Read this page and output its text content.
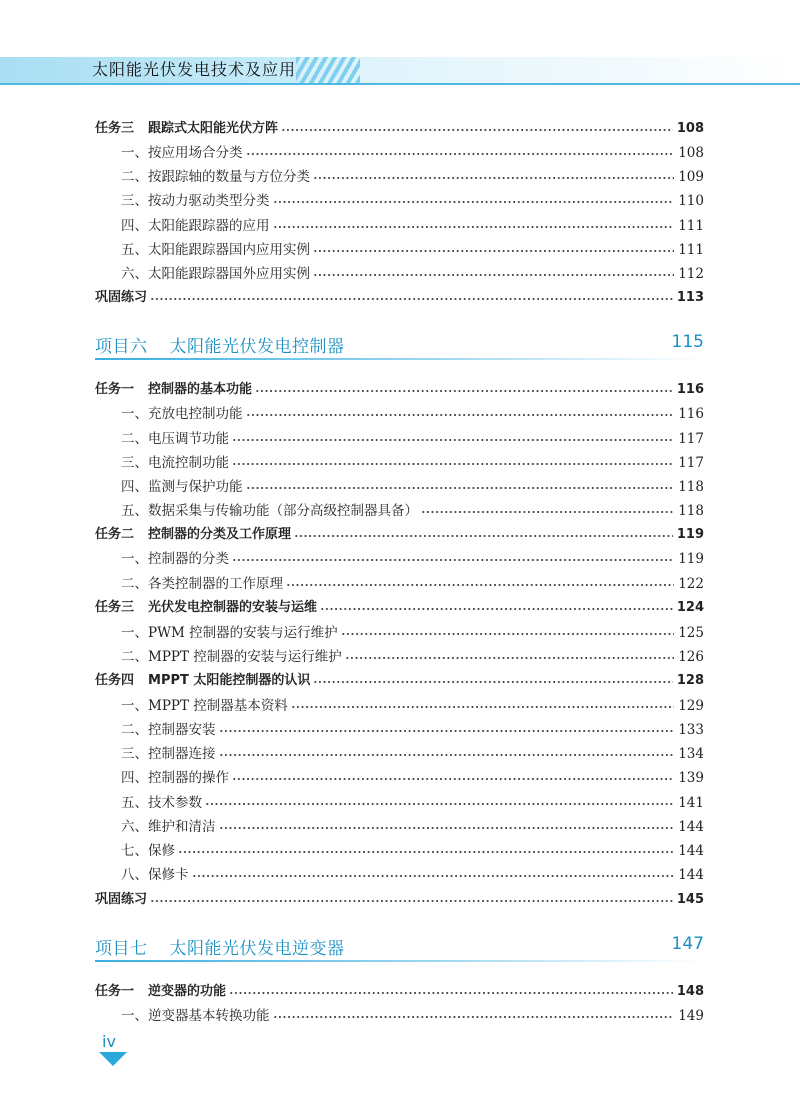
太阳能光伏发电技术及应用
任务三 跟踪式太阳能光伏方阵	108
一、按应用场合分类	108
二、按跟踪轴的数量与方位分类	109
三、按动力驱动类型分类	110
四、太阳能跟踪器的应用	111
五、太阳能跟踪器国内应用实例	111
六、太阳能跟踪器国外应用实例	112
巩固练习	113
项目六 太阳能光伏发电控制器	115
任务一 控制器的基本功能	116
一、充放电控制功能	116
二、电压调节功能	117
三、电流控制功能	117
四、监测与保护功能	118
五、数据采集与传输功能（部分高级控制器具备）	118
任务二 控制器的分类及工作原理	119
一、控制器的分类	119
二、各类控制器的工作原理	122
任务三 光伏发电控制器的安装与运维	124
一、PWM 控制器的安装与运行维护	125
二、MPPT 控制器的安装与运行维护	126
任务四 MPPT 太阳能控制器的认识	128
一、MPPT 控制器基本资料	129
二、控制器安装	133
三、控制器连接	134
四、控制器的操作	139
五、技术参数	141
六、维护和清洁	144
七、保修	144
八、保修卡	144
巩固练习	145
项目七 太阳能光伏发电逆变器	147
任务一 逆变器的功能	148
一、逆变器基本转换功能	149
iv
